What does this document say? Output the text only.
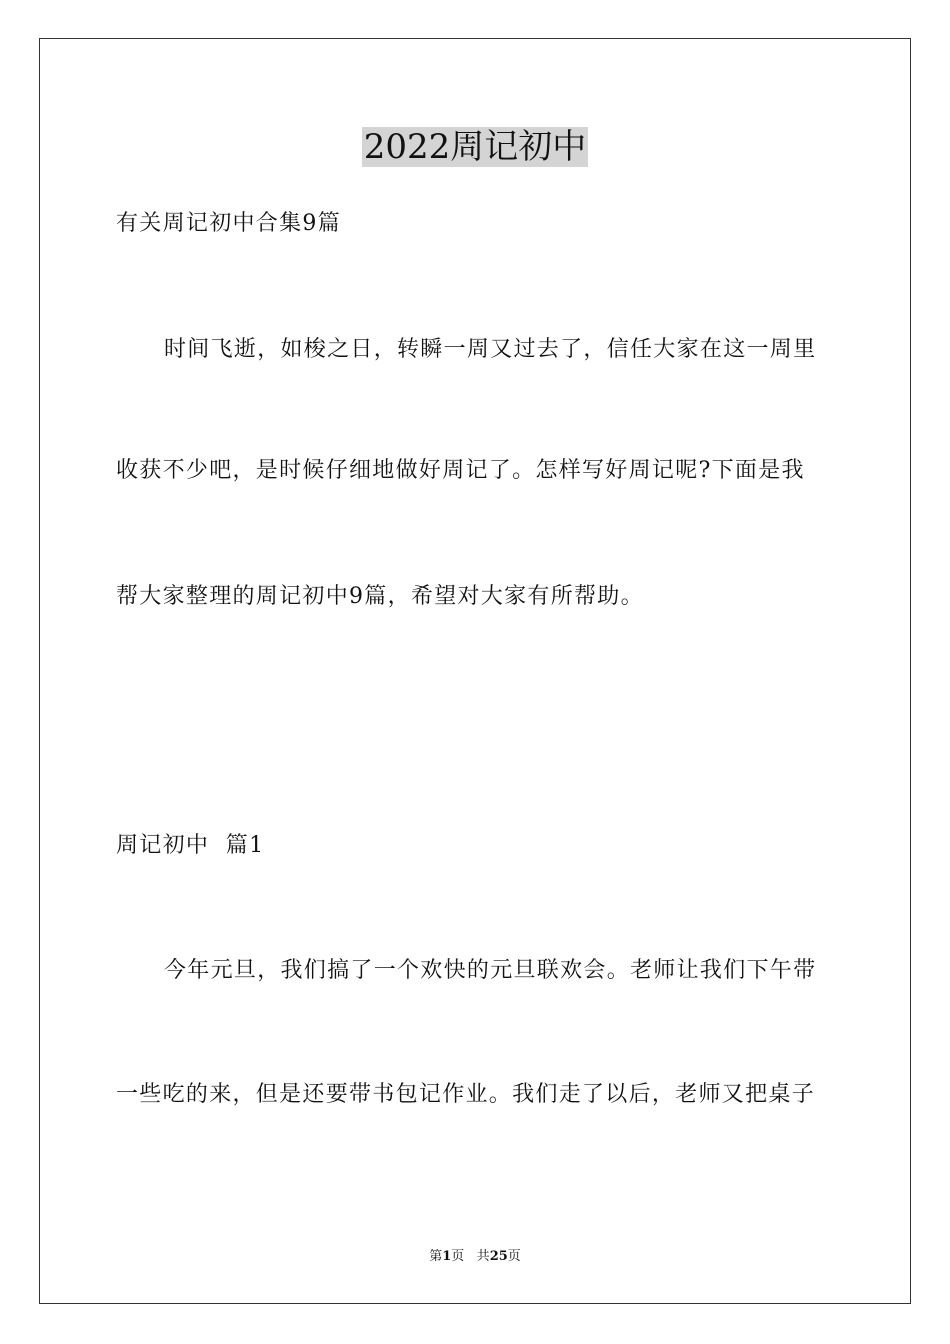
2022周记初中
有关周记初中合集9篇
时间飞逝，如梭之日，转瞬一周又过去了，信任大家在这一周里
收获不少吧，是时候仔细地做好周记了。怎样写好周记呢?下面是我
帮大家整理的周记初中9篇，希望对大家有所帮助。
周记初中  篇1
今年元旦，我们搞了一个欢快的元旦联欢会。老师让我们下午带
一些吃的来，但是还要带书包记作业。我们走了以后，老师又把桌子
第1页 共25页
